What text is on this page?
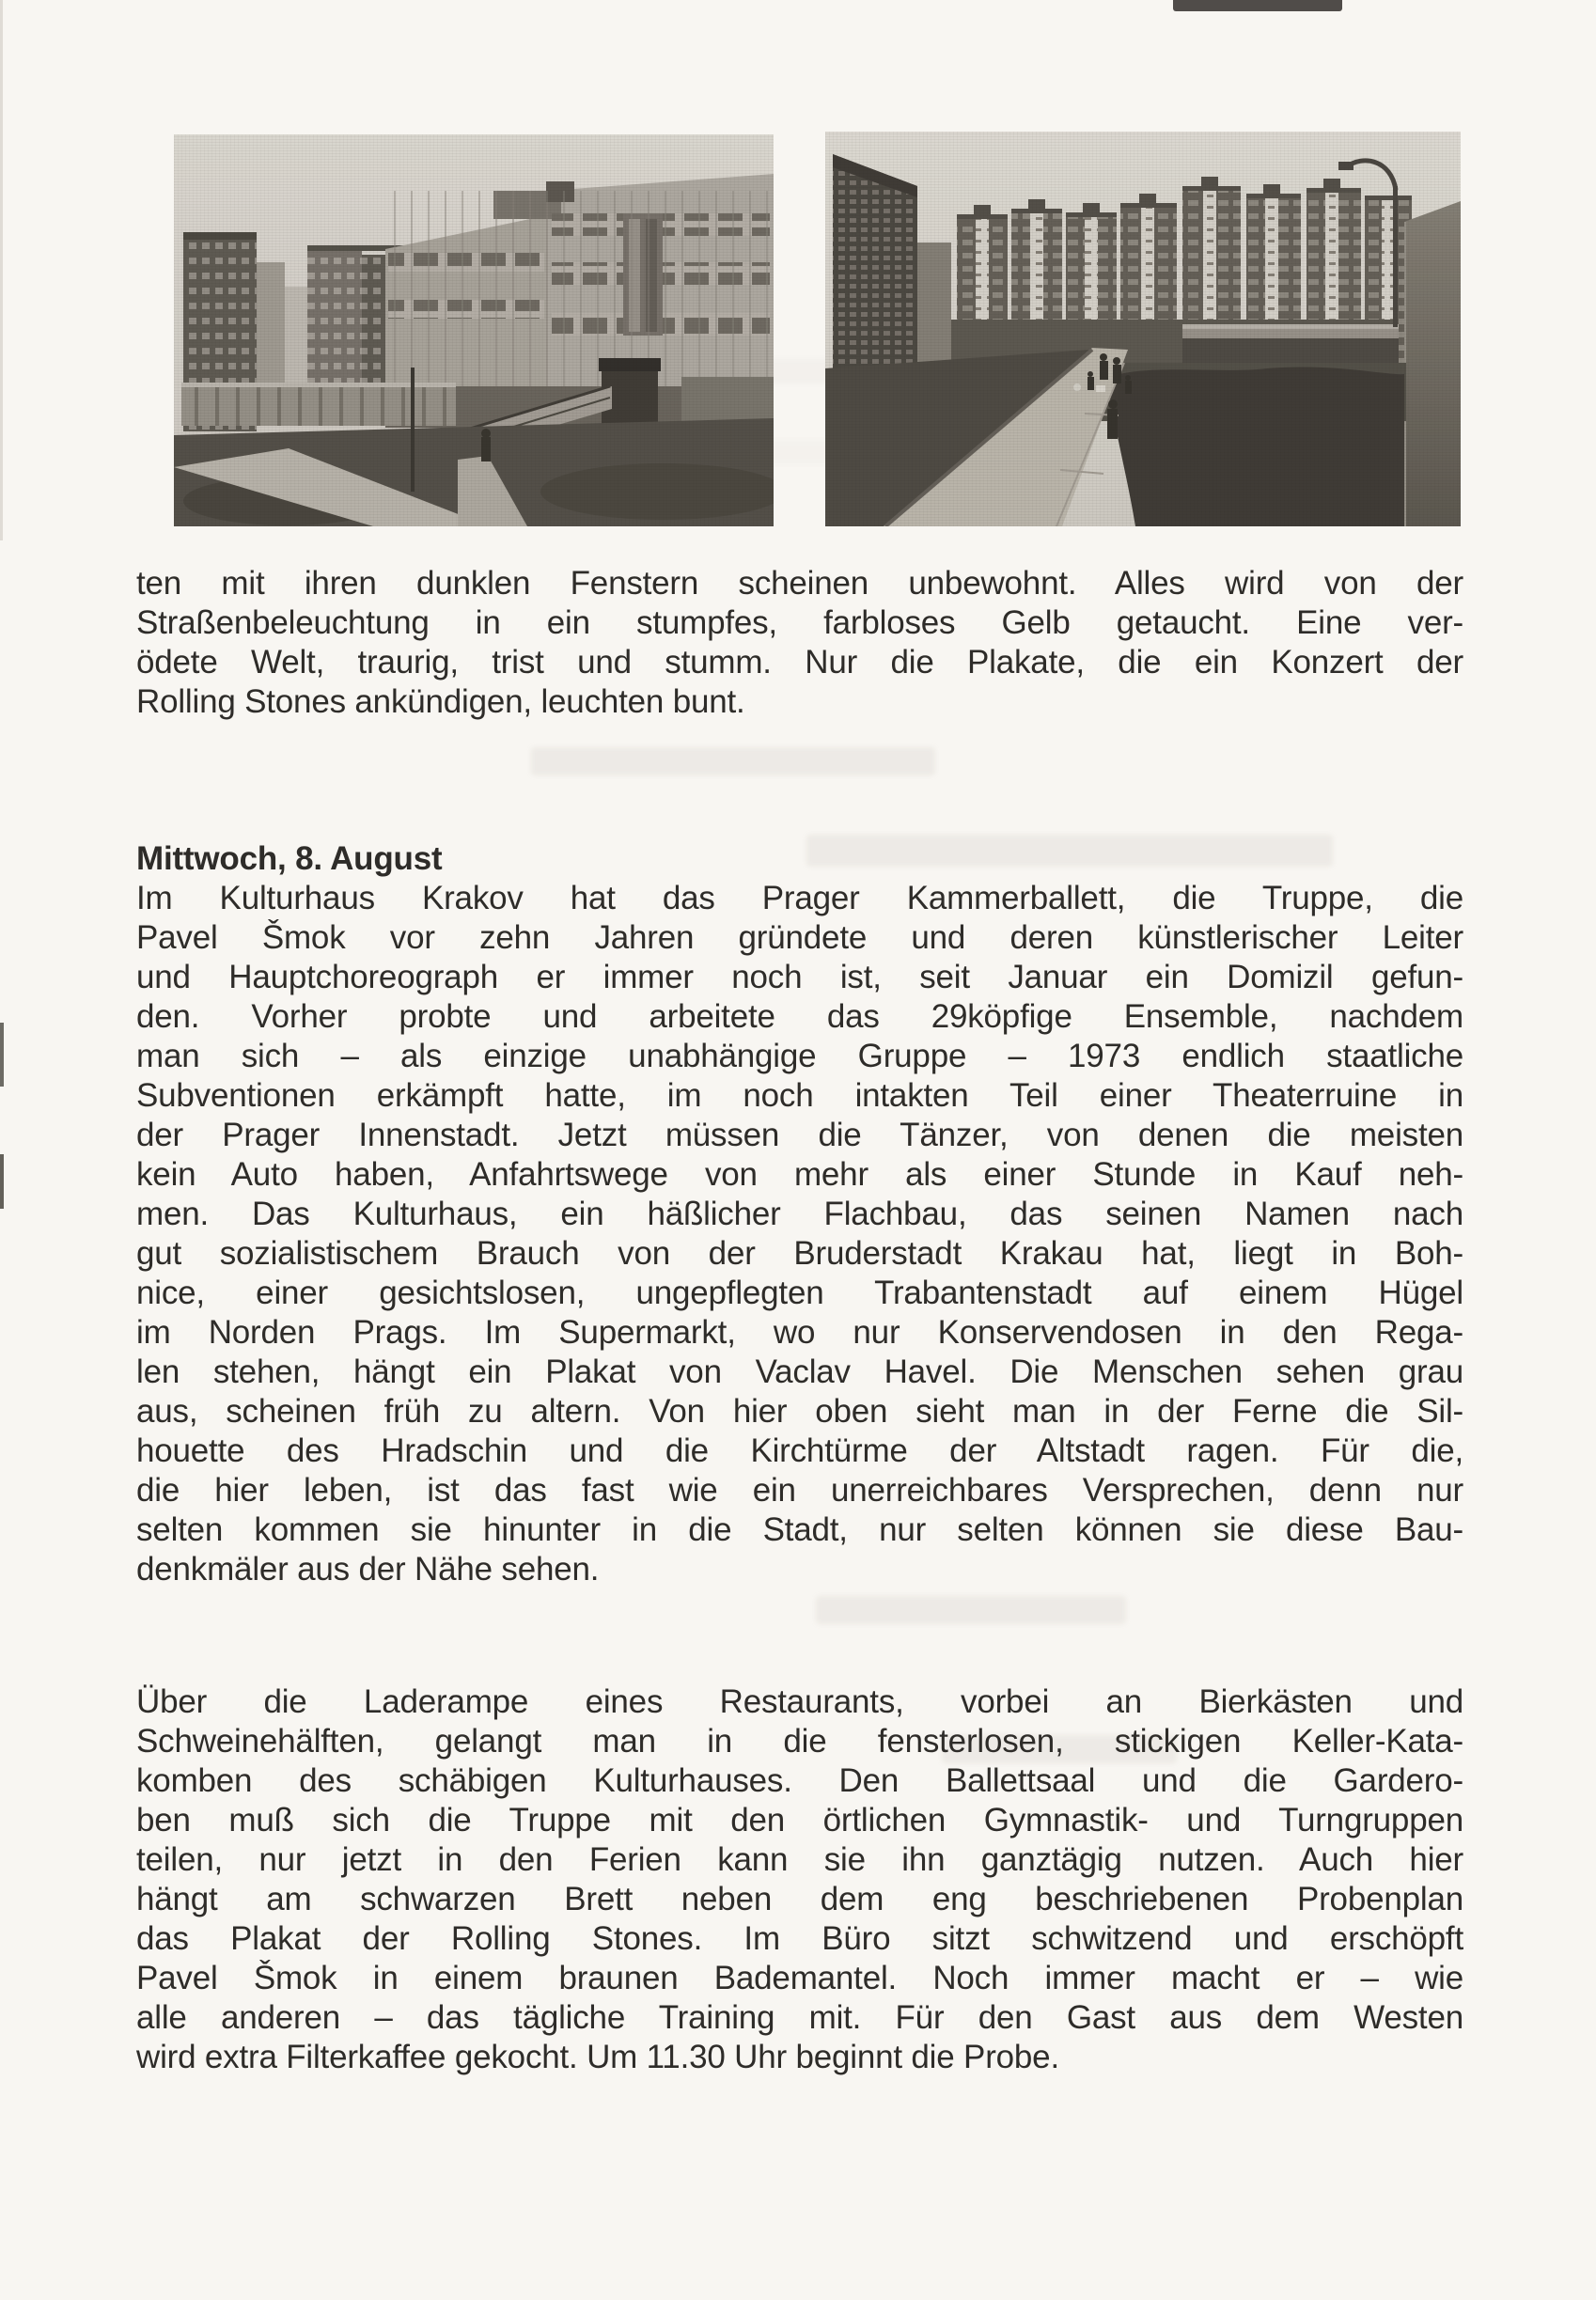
ten mit ihren dunklen Fenstern scheinen unbewohnt. Alles wird von der
Straßenbeleuchtung in ein stumpfes, farbloses Gelb getaucht. Eine ver-
ödete Welt, traurig, trist und stumm. Nur die Plakate, die ein Konzert der
Rolling Stones ankündigen, leuchten bunt.
Mittwoch, 8. August
Im Kulturhaus Krakov hat das Prager Kammerballett, die Truppe, die
Pavel Šmok vor zehn Jahren gründete und deren künstlerischer Leiter
und Hauptchoreograph er immer noch ist, seit Januar ein Domizil gefun-
den. Vorher probte und arbeitete das 29köpfige Ensemble, nachdem
man sich – als einzige unabhängige Gruppe – 1973 endlich staatliche
Subventionen erkämpft hatte, im noch intakten Teil einer Theaterruine in
der Prager Innenstadt. Jetzt müssen die Tänzer, von denen die meisten
kein Auto haben, Anfahrtswege von mehr als einer Stunde in Kauf neh-
men. Das Kulturhaus, ein häßlicher Flachbau, das seinen Namen nach
gut sozialistischem Brauch von der Bruderstadt Krakau hat, liegt in Boh-
nice, einer gesichtslosen, ungepflegten Trabantenstadt auf einem Hügel
im Norden Prags. Im Supermarkt, wo nur Konservendosen in den Rega-
len stehen, hängt ein Plakat von Vaclav Havel. Die Menschen sehen grau
aus, scheinen früh zu altern. Von hier oben sieht man in der Ferne die Sil-
houette des Hradschin und die Kirchtürme der Altstadt ragen. Für die,
die hier leben, ist das fast wie ein unerreichbares Versprechen, denn nur
selten kommen sie hinunter in die Stadt, nur selten können sie diese Bau-
denkmäler aus der Nähe sehen.
Über die Laderampe eines Restaurants, vorbei an Bierkästen und
Schweinehälften, gelangt man in die fensterlosen, stickigen Keller-Kata-
komben des schäbigen Kulturhauses. Den Ballettsaal und die Gardero-
ben muß sich die Truppe mit den örtlichen Gymnastik- und Turngruppen
teilen, nur jetzt in den Ferien kann sie ihn ganztägig nutzen. Auch hier
hängt am schwarzen Brett neben dem eng beschriebenen Probenplan
das Plakat der Rolling Stones. Im Büro sitzt schwitzend und erschöpft
Pavel Šmok in einem braunen Bademantel. Noch immer macht er – wie
alle anderen – das tägliche Training mit. Für den Gast aus dem Westen
wird extra Filterkaffee gekocht. Um 11.30 Uhr beginnt die Probe.
